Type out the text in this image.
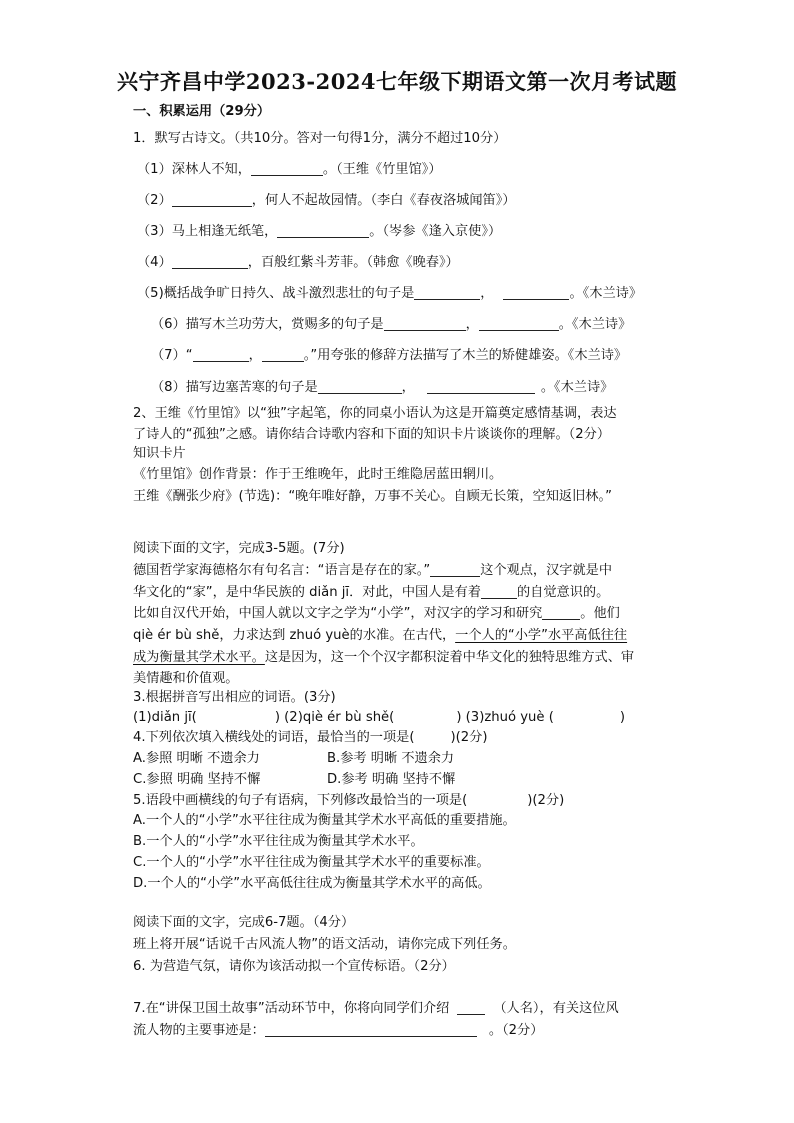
兴宁齐昌中学2023-2024七年级下期语文第一次月考试题
一、积累运用（29分）
1．默写古诗文。（共10分。答对一句得1分，满分不超过10分）
（1）深林人不知，	。（王维《竹里馆》）
（2）	，何人不起故园情。（李白《春夜洛城闻笛》）
（3）马上相逢无纸笔，	。（岑参《逢入京使》）
（4）	，百般红紫斗芳菲。（韩愈《晚春》）
（5)概括战争旷日持久、战斗激烈悲壮的句子是	，	。《木兰诗》
（6）描写木兰功劳大，赏赐多的句子是	，	。《木兰诗》
（7）“	，	。”用夸张的修辞方法描写了木兰的矫健雄姿。《木兰诗》
（8）描写边塞苦寒的句子是	，	。《木兰诗》
2、王维《竹里馆》以“独”字起笔，你的同桌小语认为这是开篇奠定感情基调，表达
了诗人的“孤独”之感。请你结合诗歌内容和下面的知识卡片谈谈你的理解。（2分）
知识卡片
《竹里馆》创作背景：作于王维晚年，此时王维隐居蓝田辋川。
王维《酬张少府》(节选)：“晚年唯好静，万事不关心。自顾无长策，空知返旧林。”
阅读下面的文字，完成3-5题。(7分)
德国哲学家海德格尔有句名言：“语言是存在的家。”	这个观点，汉字就是中
华文化的“家”，是中华民族的 diǎn jī．对此，中国人是有着	的自觉意识的。
比如自汉代开始，中国人就以文字之学为“小学”，对汉字的学习和研究	。他们
qiè ér bù shě，力求达到 zhuó yuè的水准。在古代，一个人的“小学”水平高低往往
成为衡量其学术水平。这是因为，这一个个汉字都积淀着中华文化的独特思维方式、审
美情趣和价值观。
3.根据拼音写出相应的词语。(3分)
(1)diǎn jī(	) (2)qiè ér bù shě(	) (3)zhuó yuè (	)
4.下列依次填入横线处的词语，最恰当的一项是(	)(2分)
A.参照 明晰 不遗余力	B.参考 明晰 不遗余力
C.参照 明确 坚持不懈	D.参考 明确 坚持不懈
5.语段中画横线的句子有语病，下列修改最恰当的一项是(	)(2分)
A.一个人的“小学”水平往往成为衡量其学术水平高低的重要措施。
B.一个人的“小学”水平往往成为衡量其学术水平。
C.一个人的“小学”水平往往成为衡量其学术水平的重要标准。
D.一个人的“小学”水平高低往往成为衡量其学术水平的高低。
阅读下面的文字，完成6-7题。（4分）
班上将开展“话说千古风流人物”的语文活动，请你完成下列任务。
6. 为营造气氛，请你为该活动拟一个宣传标语。（2分）
7.在“讲保卫国土故事”活动环节中，你将向同学们介绍	（人名），有关这位风
流人物的主要事迹是：	。（2分）
